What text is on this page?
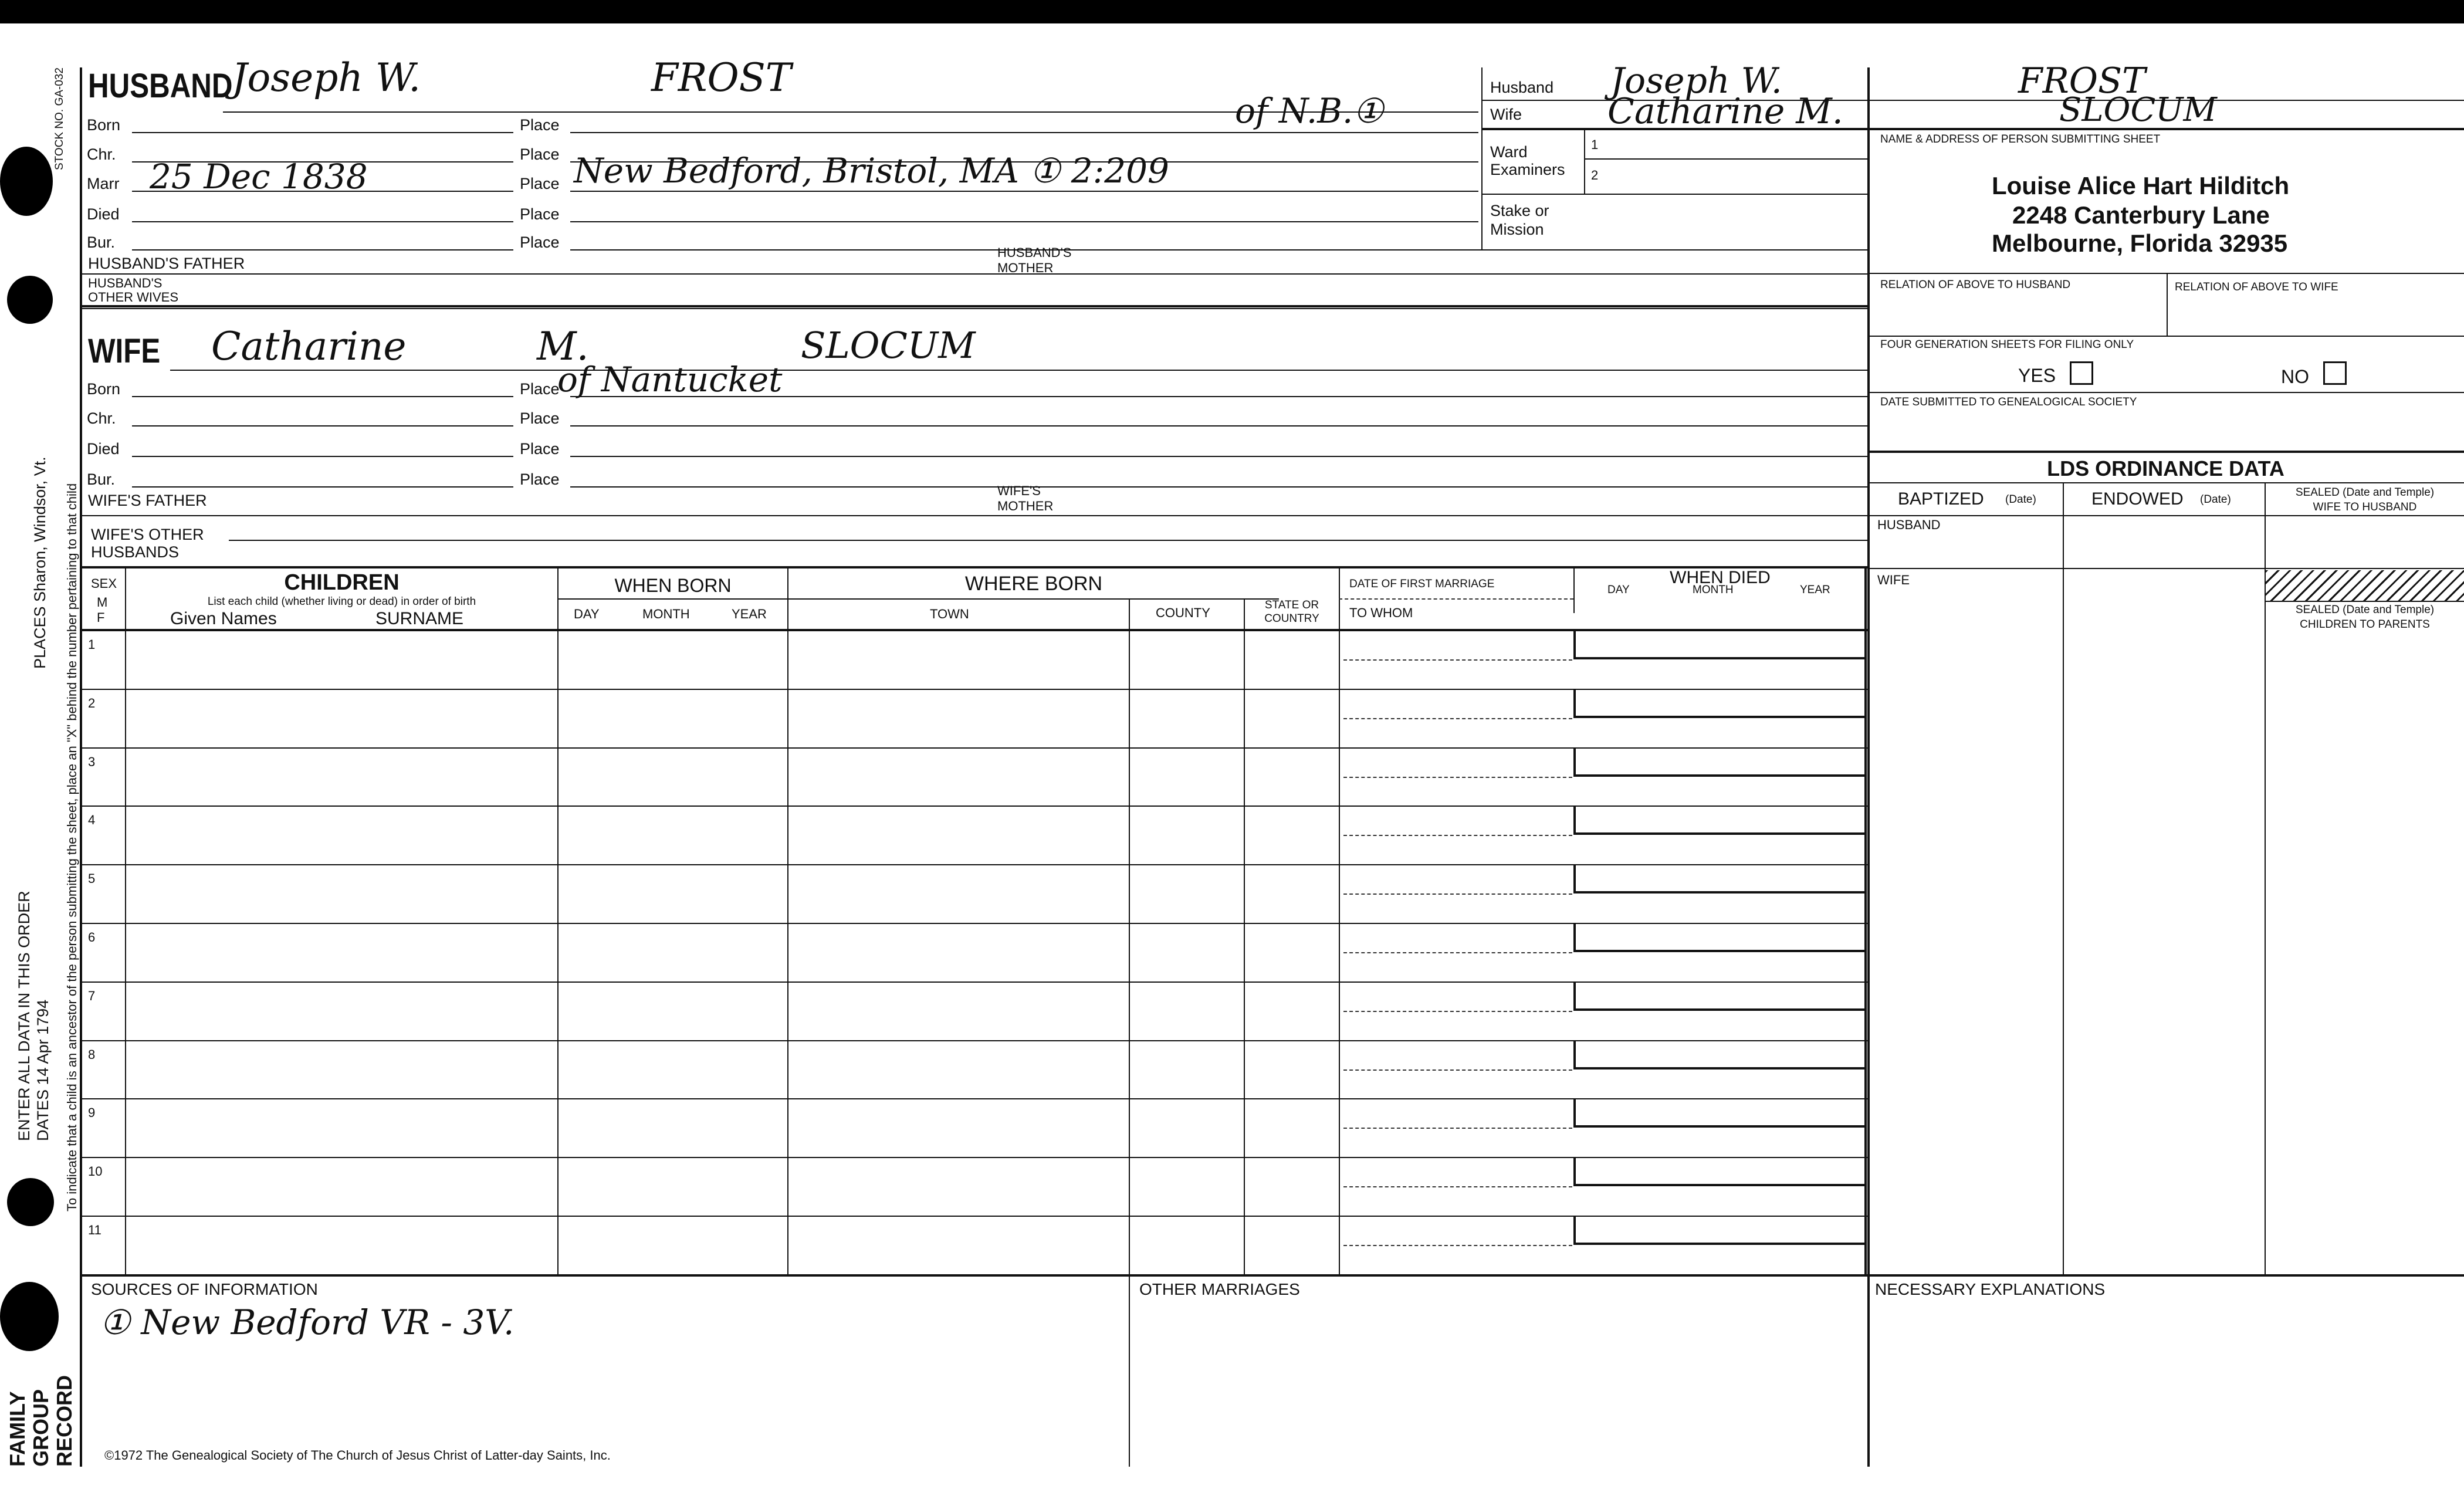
STOCK NO. GA-032
PLACES Sharon, Windsor, Vt. To indicate that a child is an ancestor of the person submitting the sheet, place an "X" behind the number pertaining to that child
ENTER ALL DATA IN THIS ORDER DATES 14 Apr 1794
FAMILY GROUP RECORD
HUSBAND
Joseph W.	FROST
Born	Place	of N.B.①
Chr.	Place
Marr 25 Dec 1838	Place New Bedford, Bristol, MA ① 2:209
Died	Place
Bur.	Place
HUSBAND'S FATHER
HUSBAND'S
MOTHER
HUSBAND'S
OTHER WIVES
WIFE Catharine	M.	SLOCUM
Born	Place
of Nantucket
Chr.	Place
Died	Place
Bur.	Place
WIFE'S FATHER
WIFE'S
MOTHER
WIFE'S OTHER
HUSBANDS
Husband Joseph W.	FROST
Wife Catharine M.	SLOCUM
Ward
Examiners
1
2
Stake or
Mission
NAME & ADDRESS OF PERSON SUBMITTING SHEET
Louise Alice Hart Hilditch
2248 Canterbury Lane
Melbourne, Florida 32935
RELATION OF ABOVE TO HUSBAND	RELATION OF ABOVE TO WIFE
FOUR GENERATION SHEETS FOR FILING ONLY
YES	NO
DATE SUBMITTED TO GENEALOGICAL SOCIETY
LDS ORDINANCE DATA
BAPTIZED (Date)	ENDOWED (Date)
SEALED (Date and Temple)
WIFE TO HUSBAND
HUSBAND
WIFE
SEALED (Date and Temple)
CHILDREN TO PARENTS
SEX
M
F
CHILDREN
List each child (whether living or dead) in order of birth
Given Names	SURNAME
WHEN BORN
DAY	MONTH	YEAR
WHERE BORN
TOWN	COUNTY
STATE OR
COUNTRY
DATE OF FIRST MARRIAGE
TO WHOM
WHEN DIED
DAY	MONTH	YEAR
1
2
3
4
5
6
7
8
9
10
11
SOURCES OF INFORMATION
① New Bedford VR - 3V.
OTHER MARRIAGES	NECESSARY EXPLANATIONS
©1972 The Genealogical Society of The Church of Jesus Christ of Latter-day Saints, Inc.
